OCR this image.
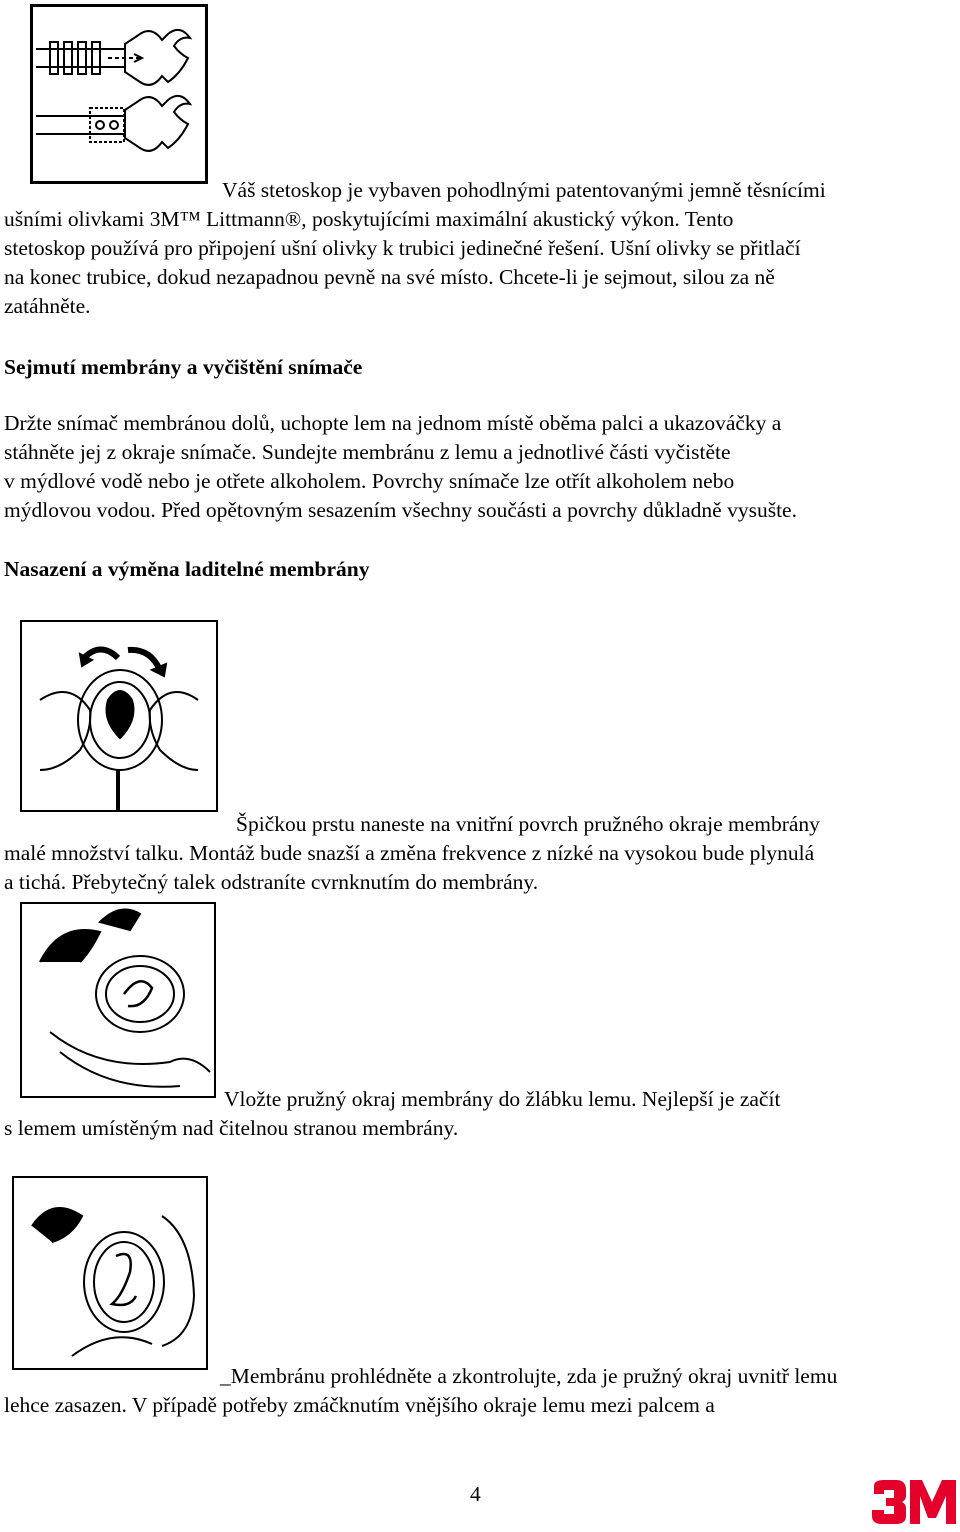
Váš stetoskop je vybaven pohodlnými patentovanými jemně těsnícími
ušními olivkami 3M™ Littmann®, poskytujícími maximální akustický výkon. Tento
stetoskop používá pro připojení ušní olivky k trubici jedinečné řešení. Ušní olivky se přitlačí
na konec trubice, dokud nezapadnou pevně na své místo. Chcete-li je sejmout, silou za ně
zatáhněte.

Sejmutí membrány a vyčištění snímače

Držte snímač membránou dolů, uchopte lem na jednom místě oběma palci a ukazováčky a
stáhněte jej z okraje snímače. Sundejte membránu z lemu a jednotlivé části vyčistěte
v mýdlové vodě nebo je otřete alkoholem. Povrchy snímače lze otřít alkoholem nebo
mýdlovou vodou. Před opětovným sesazením všechny součásti a povrchy důkladně vysušte.

Nasazení a výměna laditelné membrány

Špičkou prstu naneste na vnitřní povrch pružného okraje membrány
malé množství talku. Montáž bude snazší a změna frekvence z nízké na vysokou bude plynulá
a tichá. Přebytečný talek odstraníte cvrnknutím do membrány.

Vložte pružný okraj membrány do žlábku lemu. Nejlepší je začít
s lemem umístěným nad čitelnou stranou membrány.

_Membránu prohlédněte a zkontrolujte, zda je pružný okraj uvnitř lemu
lehce zasazen. V případě potřeby zmáčknutím vnějšího okraje lemu mezi palcem a

4
